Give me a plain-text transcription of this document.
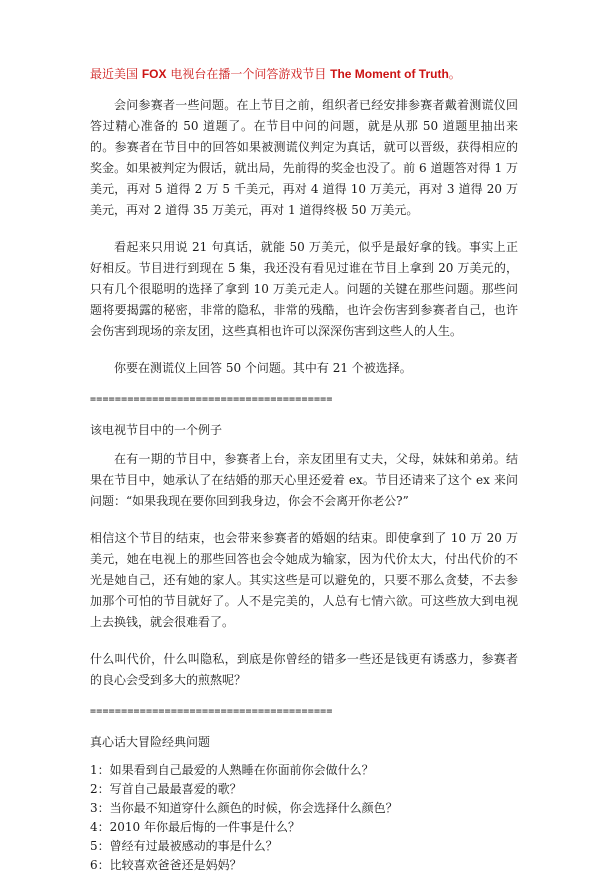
最近美国 FOX 电视台在播一个问答游戏节目 The Moment of Truth。

会问参赛者一些问题。在上节目之前，组织者已经安排参赛者戴着测谎仪回答过精心准备的 50 道题了。在节目中问的问题，就是从那 50 道题里抽出来的。参赛者在节目中的回答如果被测谎仪判定为真话，就可以晋级，获得相应的奖金。如果被判定为假话，就出局，先前得的奖金也没了。前 6 道题答对得 1 万美元，再对 5 道得 2 万 5 千美元，再对 4 道得 10 万美元，再对 3 道得 20 万美元，再对 2 道得 35 万美元，再对 1 道得终极 50 万美元。

看起来只用说 21 句真话，就能 50 万美元，似乎是最好拿的钱。事实上正好相反。节目进行到现在 5 集，我还没有看见过谁在节目上拿到 20 万美元的，只有几个很聪明的选择了拿到 10 万美元走人。问题的关键在那些问题。那些问题将要揭露的秘密，非常的隐私，非常的残酷，也许会伤害到参赛者自己，也许会伤害到现场的亲友团，这些真相也许可以深深伤害到这些人的人生。

你要在测谎仪上回答 50 个问题。其中有 21 个被选择。

=======================================

该电视节目中的一个例子

在有一期的节目中，参赛者上台，亲友团里有丈夫，父母，妹妹和弟弟。结果在节目中，她承认了在结婚的那天心里还爱着 ex。节目还请来了这个 ex 来问问题：“如果我现在要你回到我身边，你会不会离开你老公?”

相信这个节目的结束，也会带来参赛者的婚姻的结束。即使拿到了 10 万 20 万美元，她在电视上的那些回答也会令她成为输家，因为代价太大，付出代价的不光是她自己，还有她的家人。其实这些是可以避免的，只要不那么贪婪，不去参加那个可怕的节目就好了。人不是完美的，人总有七情六欲。可这些放大到电视上去换钱，就会很难看了。

什么叫代价，什么叫隐私，到底是你曾经的错多一些还是钱更有诱惑力，参赛者的良心会受到多大的煎熬呢？

=======================================

真心话大冒险经典问题

1：如果看到自己最爱的人熟睡在你面前你会做什么？
2：写首自己最最喜爱的歌？
3：当你最不知道穿什么颜色的时候，你会选择什么颜色？
4：2010 年你最后悔的一件事是什么？
5：曾经有过最被感动的事是什么？
6：比较喜欢爸爸还是妈妈？
